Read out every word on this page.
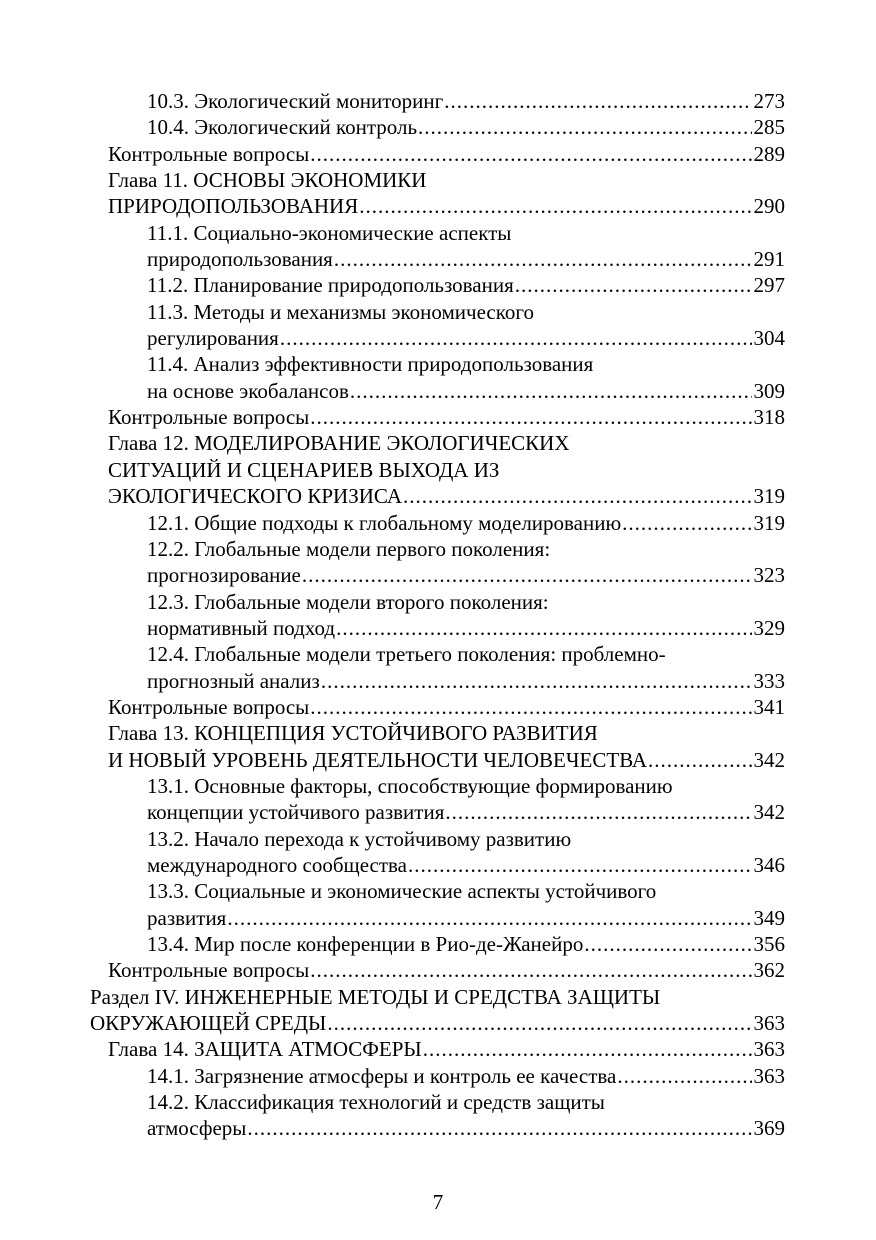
10.3. Экологический мониторинг .....	273
10.4. Экологический контроль .....	285
Контрольные вопросы .....	289
Глава 11. ОСНОВЫ ЭКОНОМИКИ
ПРИРОДОПОЛЬЗОВАНИЯ .....	290
11.1. Социально-экономические аспекты
природопользования .....	291
11.2. Планирование природопользования .....	297
11.3. Методы и механизмы экономического
регулирования .....	304
11.4. Анализ эффективности природопользования
на основе экобалансов .....	309
Контрольные вопросы .....	318
Глава 12. МОДЕЛИРОВАНИЕ ЭКОЛОГИЧЕСКИХ
СИТУАЦИЙ И СЦЕНАРИЕВ ВЫХОДА ИЗ
ЭКОЛОГИЧЕСКОГО КРИЗИСА .....	319
12.1. Общие подходы к глобальному моделированию .....	319
12.2. Глобальные модели первого поколения:
прогнозирование .....	323
12.3. Глобальные модели второго поколения:
нормативный подход .....	329
12.4. Глобальные модели третьего поколения: проблемно-
прогнозный анализ .....	333
Контрольные вопросы .....	341
Глава 13. КОНЦЕПЦИЯ УСТОЙЧИВОГО РАЗВИТИЯ
И НОВЫЙ УРОВЕНЬ ДЕЯТЕЛЬНОСТИ ЧЕЛОВЕЧЕСТВА .....	342
13.1. Основные факторы, способствующие формированию
концепции устойчивого развития .....	342
13.2. Начало перехода к устойчивому развитию
международного сообщества .....	346
13.3. Социальные и экономические аспекты устойчивого
развития .....	349
13.4. Мир после конференции в Рио-де-Жанейро .....	356
Контрольные вопросы .....	362
Раздел IV. ИНЖЕНЕРНЫЕ МЕТОДЫ И СРЕДСТВА ЗАЩИТЫ
ОКРУЖАЮЩЕЙ СРЕДЫ .....	363
Глава 14. ЗАЩИТА АТМОСФЕРЫ .....	363
14.1. Загрязнение атмосферы и контроль ее качества .....	363
14.2. Классификация технологий и средств защиты
атмосферы .....	369
7
